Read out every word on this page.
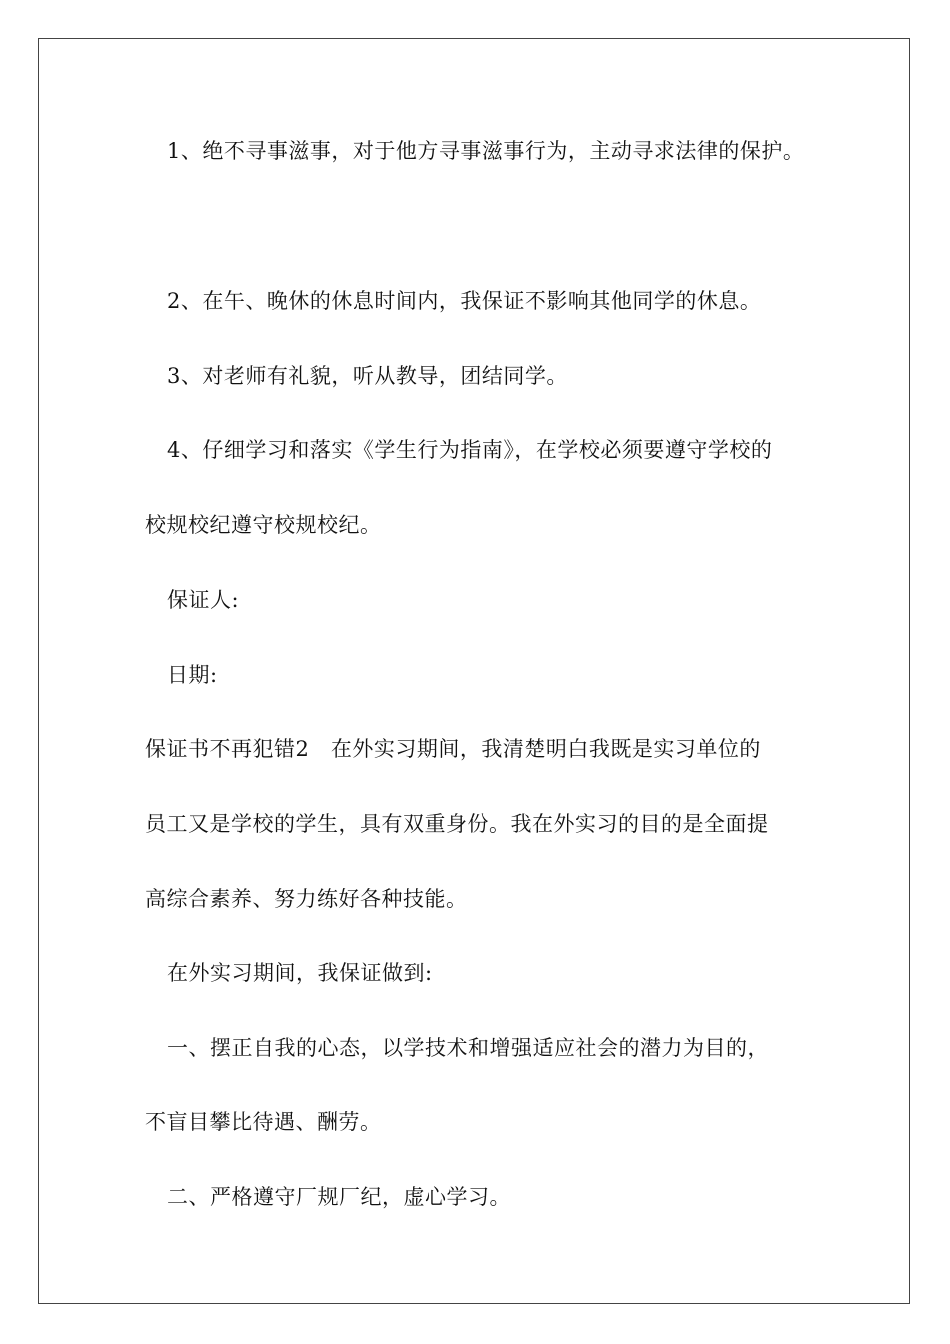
1、绝不寻事滋事，对于他方寻事滋事行为，主动寻求法律的保护。
2、在午、晚休的休息时间内，我保证不影响其他同学的休息。
3、对老师有礼貌，听从教导，团结同学。
4、仔细学习和落实《学生行为指南》，在学校必须要遵守学校的
校规校纪遵守校规校纪。
保证人:
日期:
保证书不再犯错2　在外实习期间，我清楚明白我既是实习单位的
员工又是学校的学生，具有双重身份。我在外实习的目的是全面提
高综合素养、努力练好各种技能。
在外实习期间，我保证做到:
一、摆正自我的心态，以学技术和增强适应社会的潜力为目的，
不盲目攀比待遇、酬劳。
二、严格遵守厂规厂纪，虚心学习。
